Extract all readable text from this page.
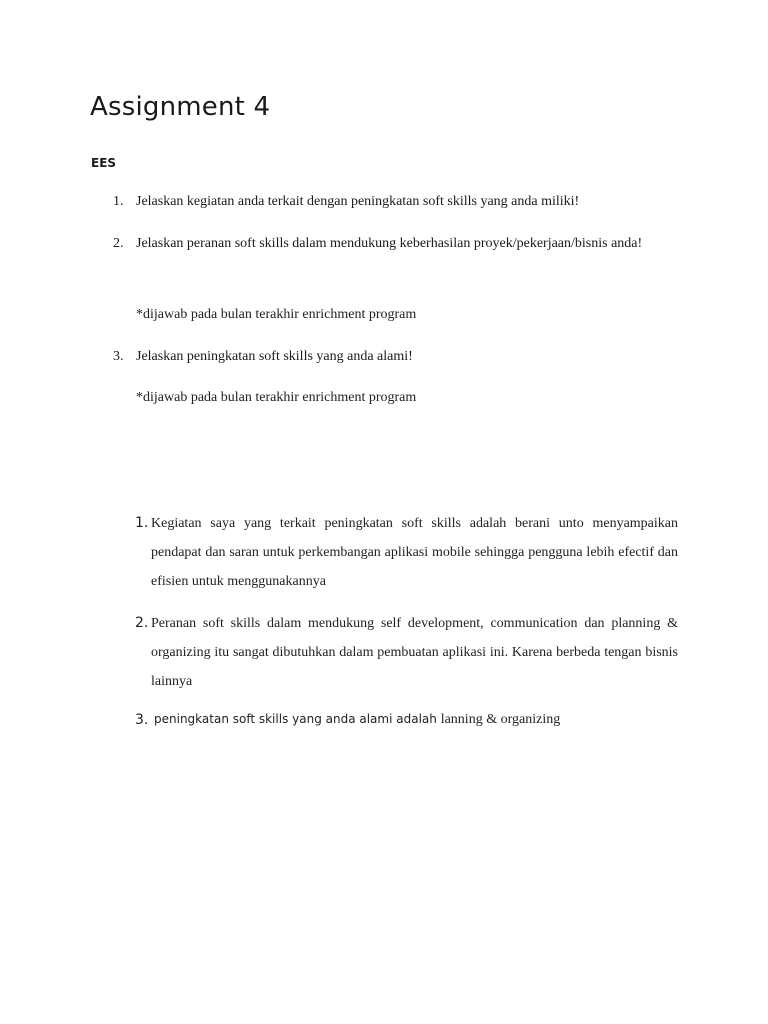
Assignment 4
EES
1. Jelaskan kegiatan anda terkait dengan peningkatan soft skills yang anda miliki!
2. Jelaskan peranan soft skills dalam mendukung keberhasilan proyek/pekerjaan/bisnis anda!
*dijawab pada bulan terakhir enrichment program
3. Jelaskan peningkatan soft skills yang anda alami!
*dijawab pada bulan terakhir enrichment program
1. Kegiatan saya yang terkait peningkatan soft skills adalah berani unto menyampaikan pendapat dan saran untuk perkembangan aplikasi mobile sehingga pengguna lebih efectif dan efisien untuk menggunakannya
2. Peranan soft skills dalam mendukung self development, communication dan planning & organizing itu sangat dibutuhkan dalam pembuatan aplikasi ini. Karena berbeda tengan bisnis lainnya
3. peningkatan soft skills yang anda alami adalah lanning & organizing
